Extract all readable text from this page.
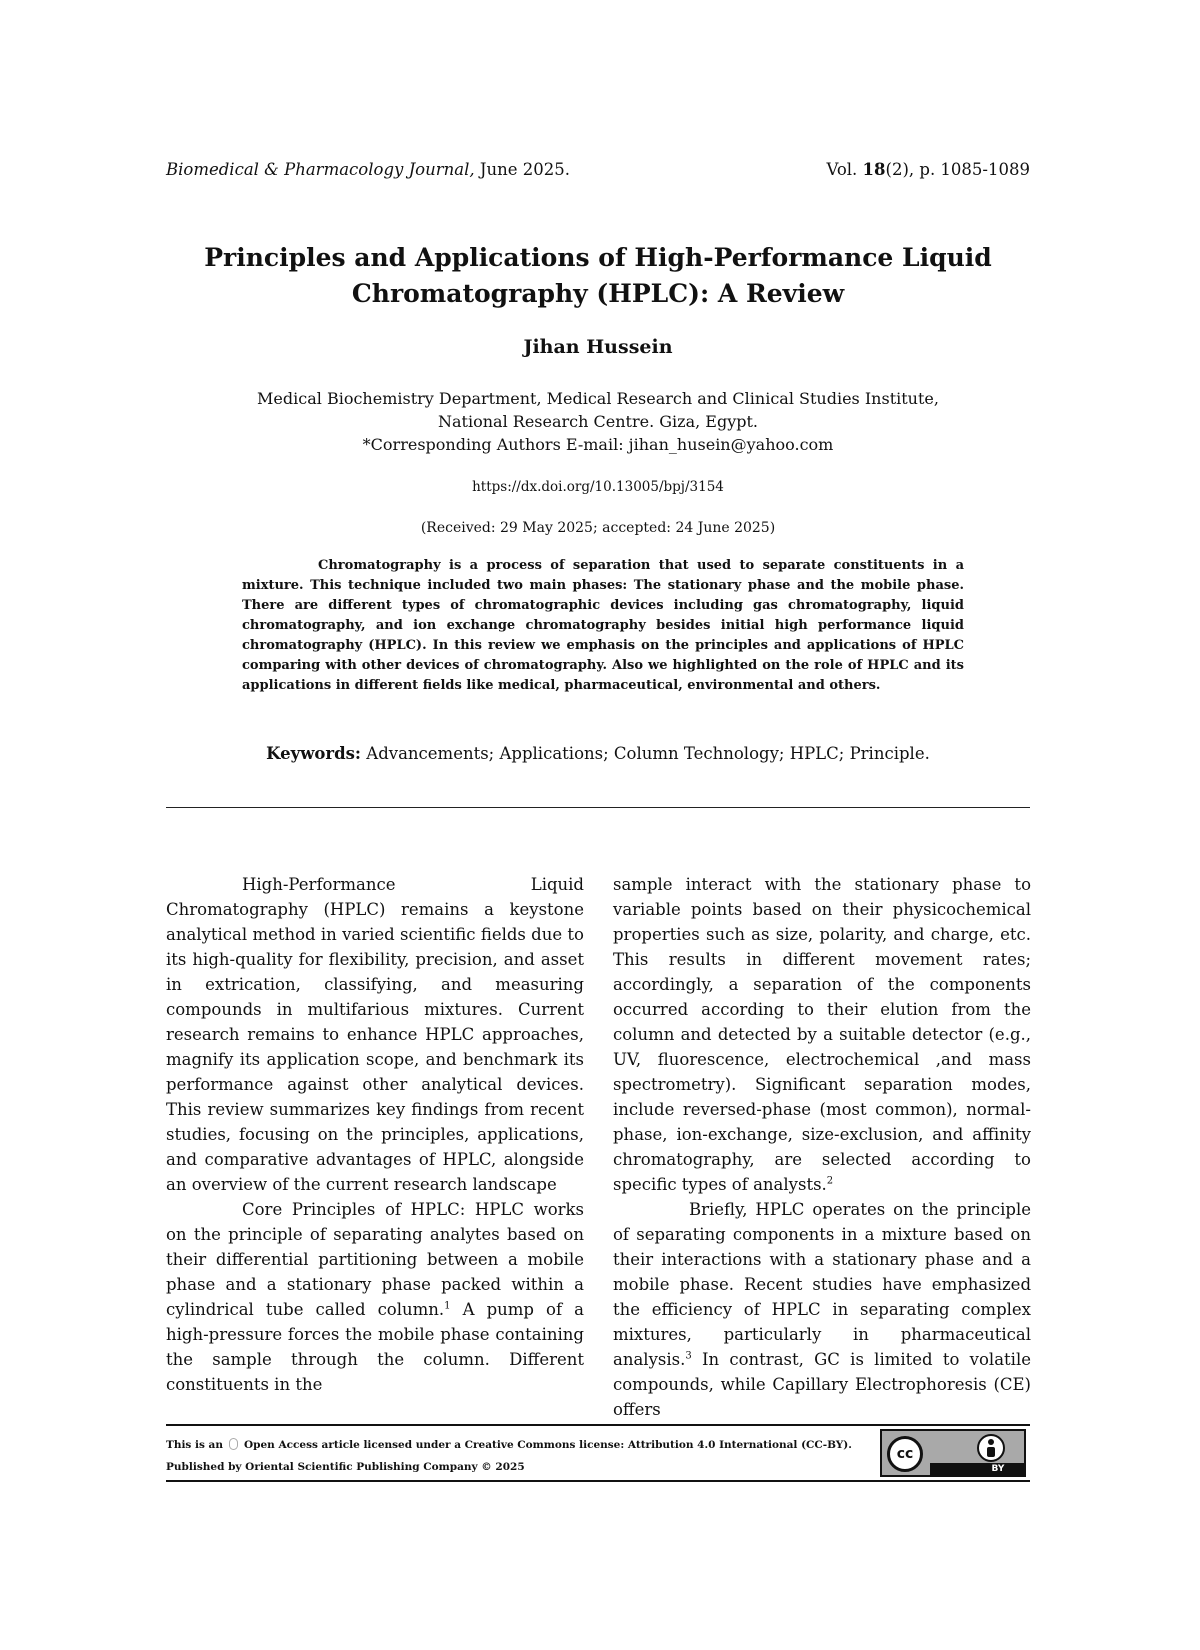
Biomedical & Pharmacology Journal, June 2025.	Vol. 18(2), p. 1085-1089
Principles and Applications of High-Performance Liquid Chromatography (HPLC): A Review
Jihan Hussein
Medical Biochemistry Department, Medical Research and Clinical Studies Institute,
National Research Centre. Giza, Egypt.
*Corresponding Authors E-mail: jihan_husein@yahoo.com
https://dx.doi.org/10.13005/bpj/3154
(Received: 29 May 2025; accepted: 24 June 2025)

Chromatography is a process of separation that used to separate constituents in a mixture. This technique included two main phases: The stationary phase and the mobile phase. There are different types of chromatographic devices including gas chromatography, liquid chromatography, and ion exchange chromatography besides initial high performance liquid chromatography (HPLC). In this review we emphasis on the principles and applications of HPLC comparing with other devices of chromatography. Also we highlighted on the role of HPLC and its applications in different fields like medical, pharmaceutical, environmental and others.

Keywords: Advancements; Applications; Column Technology; HPLC; Principle.

High-Performance Liquid Chromatography (HPLC) remains a keystone analytical method in varied scientific fields due to its high-quality for flexibility, precision, and asset in extrication, classifying, and measuring compounds in multifarious mixtures. Current research remains to enhance HPLC approaches, magnify its application scope, and benchmark its performance against other analytical devices. This review summarizes key findings from recent studies, focusing on the principles, applications, and comparative advantages of HPLC, alongside an overview of the current research landscape

Core Principles of HPLC: HPLC works on the principle of separating analytes based on their differential partitioning between a mobile phase and a stationary phase packed within a cylindrical tube called column.$^1$ A pump of a high-pressure forces the mobile phase containing the sample through the column. Different constituents in the

sample interact with the stationary phase to variable points based on their physicochemical properties such as size, polarity, and charge, etc. This results in different movement rates; accordingly, a separation of the components occurred according to their elution from the column and detected by a suitable detector (e.g., UV, fluorescence, electrochemical ,and mass spectrometry). Significant separation modes, include reversed-phase (most common), normal-phase, ion-exchange, size-exclusion, and affinity chromatography, are selected according to specific types of analysts.$^2$

Briefly, HPLC operates on the principle of separating components in a mixture based on their interactions with a stationary phase and a mobile phase. Recent studies have emphasized the efficiency of HPLC in separating complex mixtures, particularly in pharmaceutical analysis.$^3$ In contrast, GC is limited to volatile compounds, while Capillary Electrophoresis (CE) offers

This is an Open Access article licensed under a Creative Commons license: Attribution 4.0 International (CC-BY).
Published by Oriental Scientific Publishing Company © 2025
cc
BY
